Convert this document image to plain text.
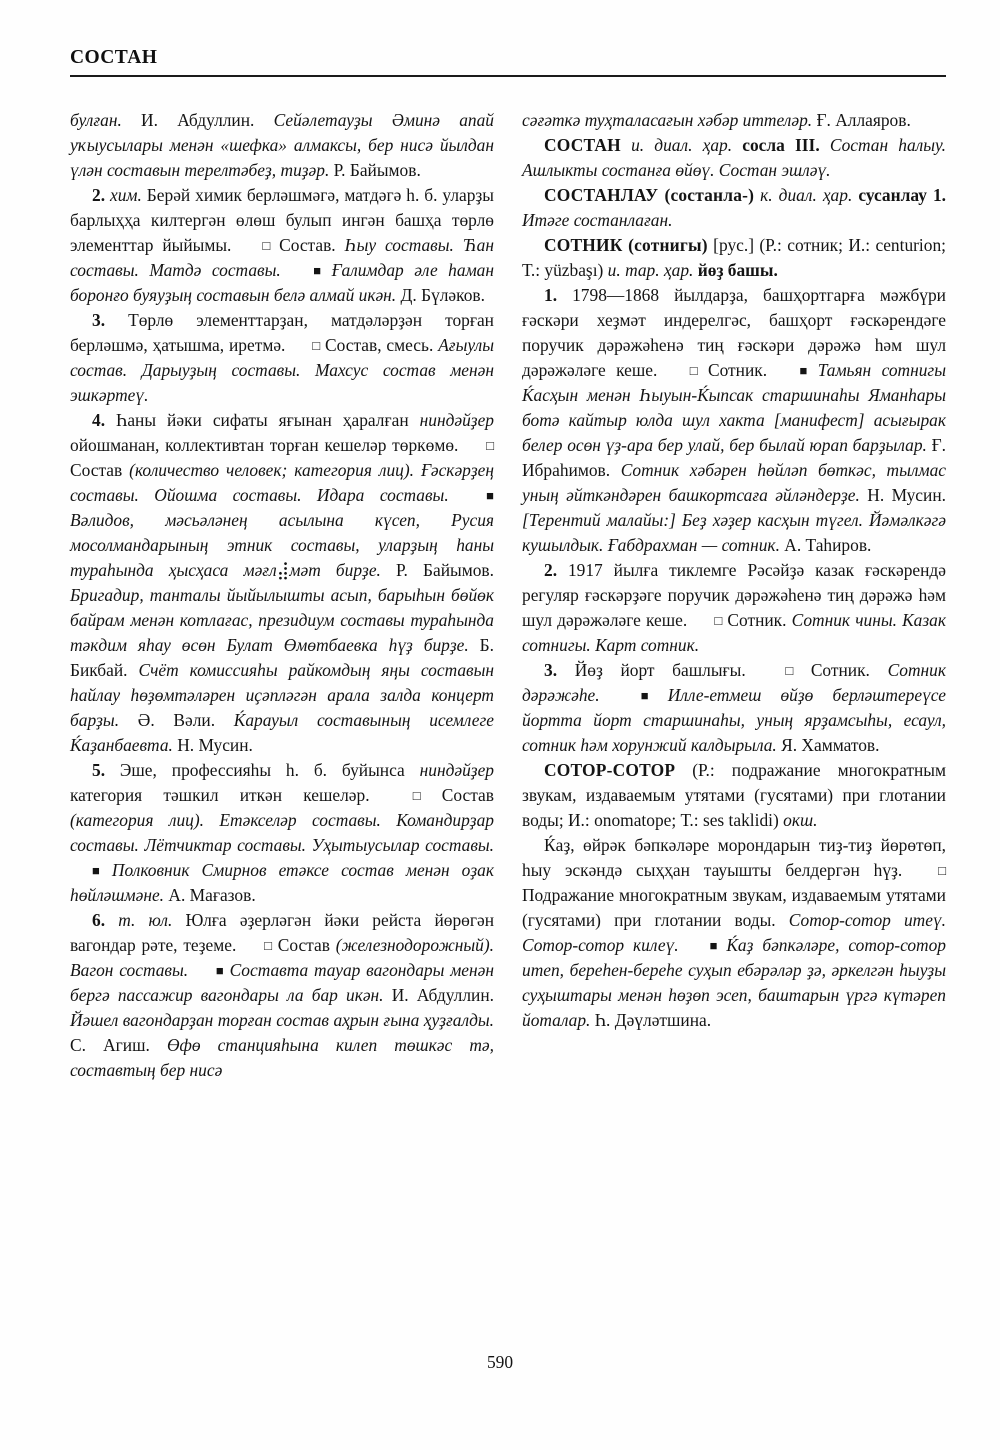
СОСТАН

булған. И. Абдуллин. Сейәлетауҙы Әминә апай уҡыусылары менән «шефка» алмаксы, бер нисә йылдан үлән составын терелтәбеҙ, тиҙәр. Р. Байымов.

2. хим. Берәй химик берләшмәгә, матдәгә h. б. уларҙы барлыҳҳа килтергән өлөш булып ингән башҳа төрлө элементтар йыйымы. □ Состав. Һыу составы. Ћан составы. Матдә составы. ■ Ғалимдар әле hаман боронғо буяуҙың составын белә алмай икән. Д. Бүләков.

3. Төрлө элементтарҙан, матдәләрҙән торған берләшмә, ҳатышма, иретмә. □ Состав, смесь. Ағыулы состав. Дарыуҙың составы. Махсус состав менән эшкәртеү.

4. Һаны йәки сифаты яғынан ҳаралған ниндәйҙер ойошманан, коллективтан торған кешеләр төркөмө. □ Состав (количество человек; категория лиц). Ғәскәрҙең составы. Ойошма составы. Идара составы. ■ Вәлидов, мәсьәләнең асылына күсеп, Русия мосолмандарының этник составы, уларҙың hаны тураhында ҳысҳаса мәғл⣼мәт бирҙе. Р. Байымов. Бригадир, танталы йыйылышты асып, барыhын бөйөк байрам менән котлағас, президиум составы тураhында тәкдим яhау өсөн Булат Өмөтбаевка hүҙ бирҙе. Б. Бикбай. Счёт комиссияhы райкомдың яңы составын hайлау hөҙөмтәләрен иҫәпләгән арала залда концерт барҙы. Ә. Вәли. Ќарауыл составының исемлеге Ќаҙанбаевта. Н. Мусин.

5. Эше, профессияhы h. б. буйынса ниндәйҙер категория тәшкил иткән кешеләр. □ Состав (категория лиц). Етәкселәр составы. Командирҙар составы. Лётчиктар составы. Уҳытыусылар составы. ■ Полковник Смирнов етәксе состав менән оҙак hөйләшмәне. А. Мағазов.

6. т. юл. Юлға әҙерләгән йәки рейста йөрөгән вагондар рәте, теҙеме. □ Состав (железнодорожный). Вагон составы. ■ Составта тауар вагондары менән бергә пассажир вагондары ла бар икән. И. Абдуллин. Йәшел вагондарҙан торған состав аҳрын ғына ҳуҙғалды. С. Агиш. Өфө станцияhына килеп төшкәс тә, составтың бер нисә

сәғәткә туҳталасағын хәбәр иттеләр. Ғ. Аллаяров.

СОСТАН и. диал. ҳар. сосла III. Состан hалыу. Ашлыкты состанға өйөү. Состан эшләү.

СОСТАНЛАУ (состанла-) к. диал. ҳар. сусанлау 1. Итәге состанлаған.

СОТНИК (сотнигы) [рус.] (Р.: сотник; И.: centurion; Т.: yüzbaşı) и. тар. ҳар. йөҙ башы.

1. 1798—1868 йылдарҙа, башҳортгарға мәжбүри ғәскәри хеҙмәт индерелгәс, башҳорт ғәскәрендәге поручик дәрәжәhенә тиң ғәскәри дәрәжә hәм шул дәрәжәләге кеше. □ Сотник. ■ Тамьян сотнигы Ќасҳын менән Һыуын-Ќыпсак старшинаhы Яманhары ботә кайтыр юлда шул хакта [манифест] асығырак белер осөн үҙ-ара бер улай, бер былай юрап барҙылар. Ғ. Ибраhимов. Сотник хәбәрен hөйләп бөткәс, тылмас уның әйткәндәрен башкортсаға әйләндерҙе. Н. Мусин. [Терентий малайы:] Беҙ хәҙер касҳын түгел. Йәмәлкәгә кушылдык. Ғабдрахман — сотник. А. Таhиров.

2. 1917 йылға тиклемге Рәсәйҙә казак ғәскәрендә регуляр ғәскәрҙәге поручик дәрәжәhенә тиң дәрәжә hәм шул дәрәжәләге кеше. □ Сотник. Сотник чины. Казак сотнигы. Карт сотник.

3. Йөҙ йорт башлығы. □ Сотник. Сотник дәрәжәhe. ■ Илле-етмеш өйҙө берләштереүсе йортта йорт старшинаhы, уның ярҙамсыhы, есаул, сотник hәм хорунжий калдырыла. Я. Хамматов.

СОТОР-СОТОР (Р.: подражание многократным звукам, издаваемым утятами (гусятами) при глотании воды; И.: onomatope; Т.: ses taklidi) окш.

Ќаҙ, өйрәк бәпкәләре морондарын тиҙ-тиҙ йөрөтөп, hыу эскәндә сыҳҳан тауышты белдергән hүҙ. □ Подражание многократным звукам, издаваемым утятами (гусятами) при глотании воды. Сотор-сотор итеү. Сотор-сотор килеү. ■ Ќаҙ бәпкәләре, сотор-сотор итеп, береhен-береhе суҳып ебәрәләр ҙә, әркелгән hыуҙы суҳыштары менән hөҙөп эсеп, баштарын үргә күтәреп йоталар. Һ. Дәүләтшина.

590
